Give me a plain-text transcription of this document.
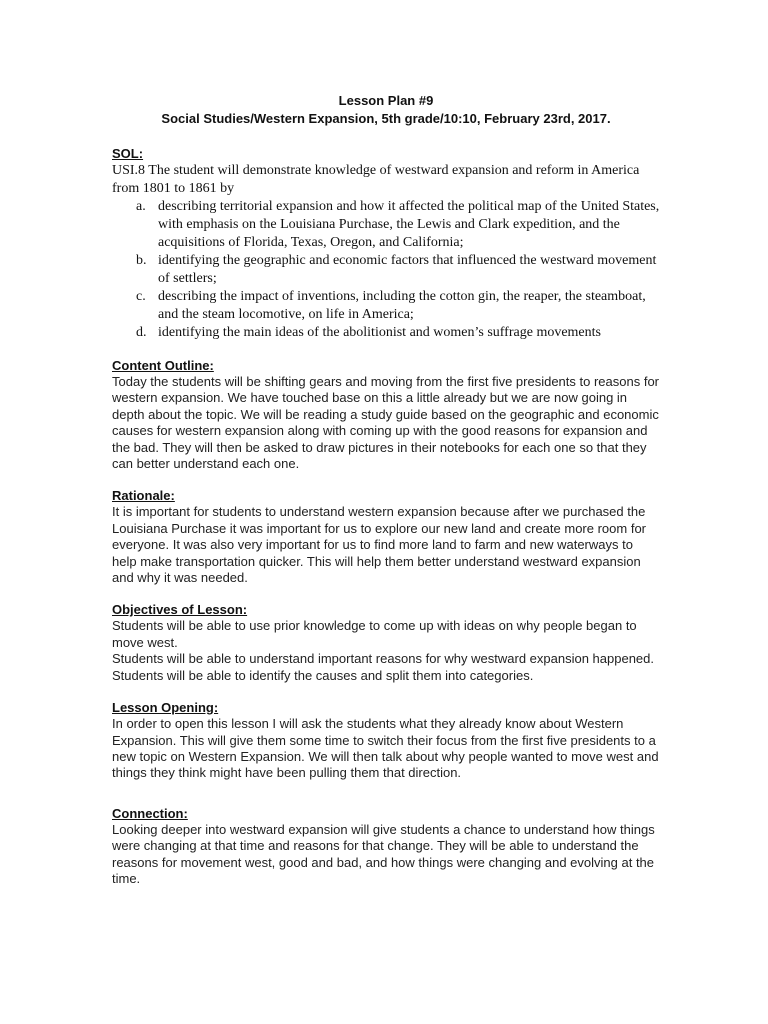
Lesson Plan #9

Social Studies/Western Expansion, 5th grade/10:10, February 23rd, 2017.

SOL:

USI.8 The student will demonstrate knowledge of westward expansion and reform in America from 1801 to 1861 by

a. describing territorial expansion and how it affected the political map of the United States, with emphasis on the Louisiana Purchase, the Lewis and Clark expedition, and the acquisitions of Florida, Texas, Oregon, and California;
b. identifying the geographic and economic factors that influenced the westward movement of settlers;
c. describing the impact of inventions, including the cotton gin, the reaper, the steamboat, and the steam locomotive, on life in America;
d. identifying the main ideas of the abolitionist and women’s suffrage movements

Content Outline:

Today the students will be shifting gears and moving from the first five presidents to reasons for western expansion. We have touched base on this a little already but we are now going in depth about the topic. We will be reading a study guide based on the geographic and economic causes for western expansion along with coming up with the good reasons for expansion and the bad. They will then be asked to draw pictures in their notebooks for each one so that they can better understand each one.

Rationale:

It is important for students to understand western expansion because after we purchased the Louisiana Purchase it was important for us to explore our new land and create more room for everyone. It was also very important for us to find more land to farm and new waterways to help make transportation quicker. This will help them better understand westward expansion and why it was needed.

Objectives of Lesson:

Students will be able to use prior knowledge to come up with ideas on why people began to move west.

Students will be able to understand important reasons for why westward expansion happened.

Students will be able to identify the causes and split them into categories.

Lesson Opening:

In order to open this lesson I will ask the students what they already know about Western Expansion. This will give them some time to switch their focus from the first five presidents to a new topic on Western Expansion. We will then talk about why people wanted to move west and things they think might have been pulling them that direction.

Connection:

Looking deeper into westward expansion will give students a chance to understand how things were changing at that time and reasons for that change. They will be able to understand the reasons for movement west, good and bad, and how things were changing and evolving at the time.
